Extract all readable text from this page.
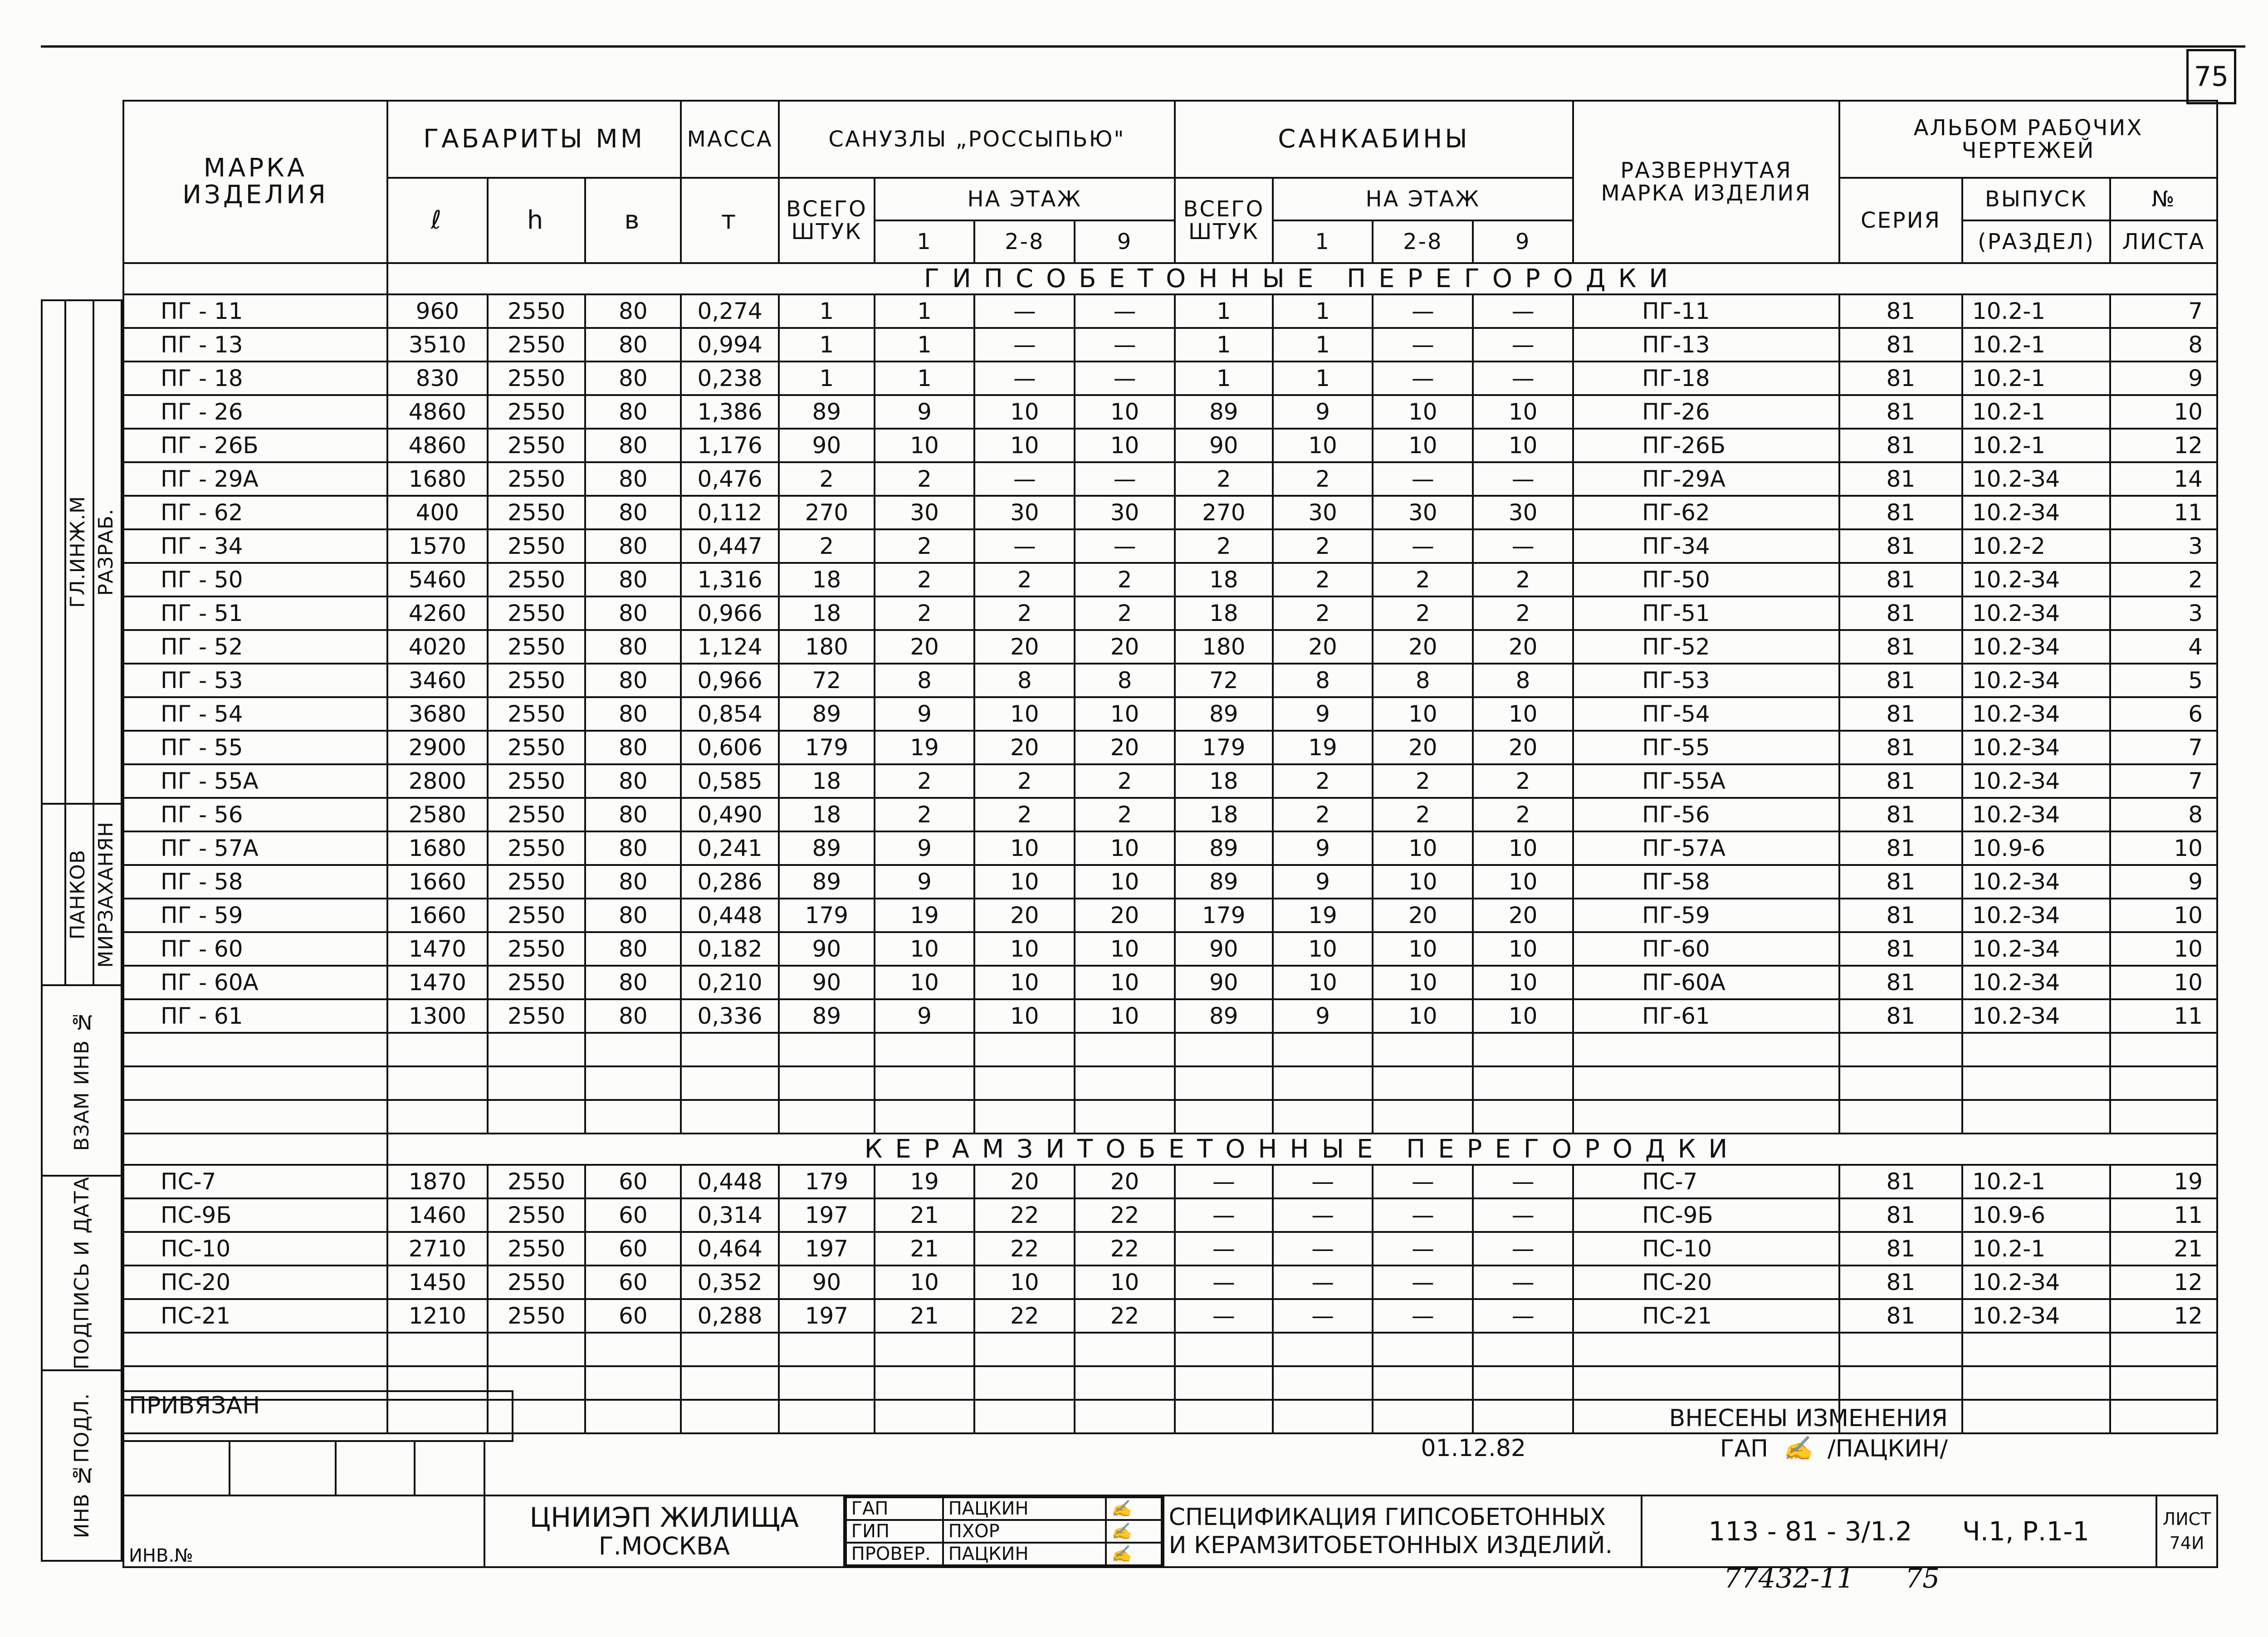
75
МАРКА ИЗДЕЛИЯ	ГАБАРИТЫ ММ			МАССА	САНУЗЛЫ „РОССЫПЬЮ"				САНКАБИНЫ				РАЗВЕРНУТАЯ МАРКА ИЗДЕЛИЯ	АЛЬБОМ РАБОЧИХ ЧЕРТЕЖЕЙ		
	ℓ	h	в	т	ВСЕГО ШТУК	НА ЭТАЖ			ВСЕГО ШТУК	НА ЭТАЖ				СЕРИЯ	ВЫПУСК	№
						1	2-8	9		1	2-8	9			(РАЗДЕЛ)	ЛИСТА
	ГИПСОБЕТОННЫЕ ПЕРЕГОРОДКИ															
ПГ - 11	960	2550	80	0,274	1	1	—	—	1	1	—	—	ПГ-11	81	10.2-1	7
ПГ - 13	3510	2550	80	0,994	1	1	—	—	1	1	—	—	ПГ-13	81	10.2-1	8
ПГ - 18	830	2550	80	0,238	1	1	—	—	1	1	—	—	ПГ-18	81	10.2-1	9
ПГ - 26	4860	2550	80	1,386	89	9	10	10	89	9	10	10	ПГ-26	81	10.2-1	10
ПГ - 26Б	4860	2550	80	1,176	90	10	10	10	90	10	10	10	ПГ-26Б	81	10.2-1	12
ПГ - 29А	1680	2550	80	0,476	2	2	—	—	2	2	—	—	ПГ-29А	81	10.2-З4	14
ПГ - 62	400	2550	80	0,112	270	30	30	30	270	30	30	30	ПГ-62	81	10.2-З4	11
ПГ - 34	1570	2550	80	0,447	2	2	—	—	2	2	—	—	ПГ-34	81	10.2-2	3
ПГ - 50	5460	2550	80	1,316	18	2	2	2	18	2	2	2	ПГ-50	81	10.2-З4	2
ПГ - 51	4260	2550	80	0,966	18	2	2	2	18	2	2	2	ПГ-51	81	10.2-З4	3
ПГ - 52	4020	2550	80	1,124	180	20	20	20	180	20	20	20	ПГ-52	81	10.2-З4	4
ПГ - 53	3460	2550	80	0,966	72	8	8	8	72	8	8	8	ПГ-53	81	10.2-З4	5
ПГ - 54	3680	2550	80	0,854	89	9	10	10	89	9	10	10	ПГ-54	81	10.2-З4	6
ПГ - 55	2900	2550	80	0,606	179	19	20	20	179	19	20	20	ПГ-55	81	10.2-З4	7
ПГ - 55А	2800	2550	80	0,585	18	2	2	2	18	2	2	2	ПГ-55А	81	10.2-З4	7
ПГ - 56	2580	2550	80	0,490	18	2	2	2	18	2	2	2	ПГ-56	81	10.2-З4	8
ПГ - 57А	1680	2550	80	0,241	89	9	10	10	89	9	10	10	ПГ-57А	81	10.9-6	10
ПГ - 58	1660	2550	80	0,286	89	9	10	10	89	9	10	10	ПГ-58	81	10.2-З4	9
ПГ - 59	1660	2550	80	0,448	179	19	20	20	179	19	20	20	ПГ-59	81	10.2-З4	10
ПГ - 60	1470	2550	80	0,182	90	10	10	10	90	10	10	10	ПГ-60	81	10.2-З4	10
ПГ - 60А	1470	2550	80	0,210	90	10	10	10	90	10	10	10	ПГ-60А	81	10.2-З4	10
ПГ - 61	1300	2550	80	0,336	89	9	10	10	89	9	10	10	ПГ-61	81	10.2-З4	11

	КЕРАМЗИТОБЕТОННЫЕ ПЕРЕГОРОДКИ															
ПС-7	1870	2550	60	0,448	179	19	20	20	—	—	—	—	ПС-7	81	10.2-1	19
ПС-9Б	1460	2550	60	0,314	197	21	22	22	—	—	—	—	ПС-9Б	81	10.9-6	11
ПС-10	2710	2550	60	0,464	197	21	22	22	—	—	—	—	ПС-10	81	10.2-1	21
ПС-20	1450	2550	60	0,352	90	10	10	10	—	—	—	—	ПС-20	81	10.2-З4	12
ПС-21	1210	2550	60	0,288	197	21	22	22	—	—	—	—	ПС-21	81	10.2-З4	12

	ГЛ.ИНЖ.М	РАЗРАБ.

	ПАНКОВ	МИРЗАХАНЯН

ВЗАМ ИНВ №		

ПОДПИСЬ И ДАТА		

ИНВ №ПОДЛ.		ПРИВЯЗАН	ВНЕСЕНЫ ИЗМЕНЕНИЯ
01.12.82	ГАП  ✍  /ПАЦКИН/

ИНВ.№	
ЦНИИЭП ЖИЛИЩА
Г.МОСКВА

ГАП	ПАЦКИН	✍
ГИП	ПХОР	✍
ПРОВЕР.	ПАЦКИН	✍

СПЕЦИФИКАЦИЯ ГИПСОБЕТОННЫХ
И КЕРАМЗИТОБЕТОННЫХ ИЗДЕЛИЙ.	113 - 81 - 3/1.2 Ч.1, Р.1-1	ЛИСТ
74И
77432-11 75
